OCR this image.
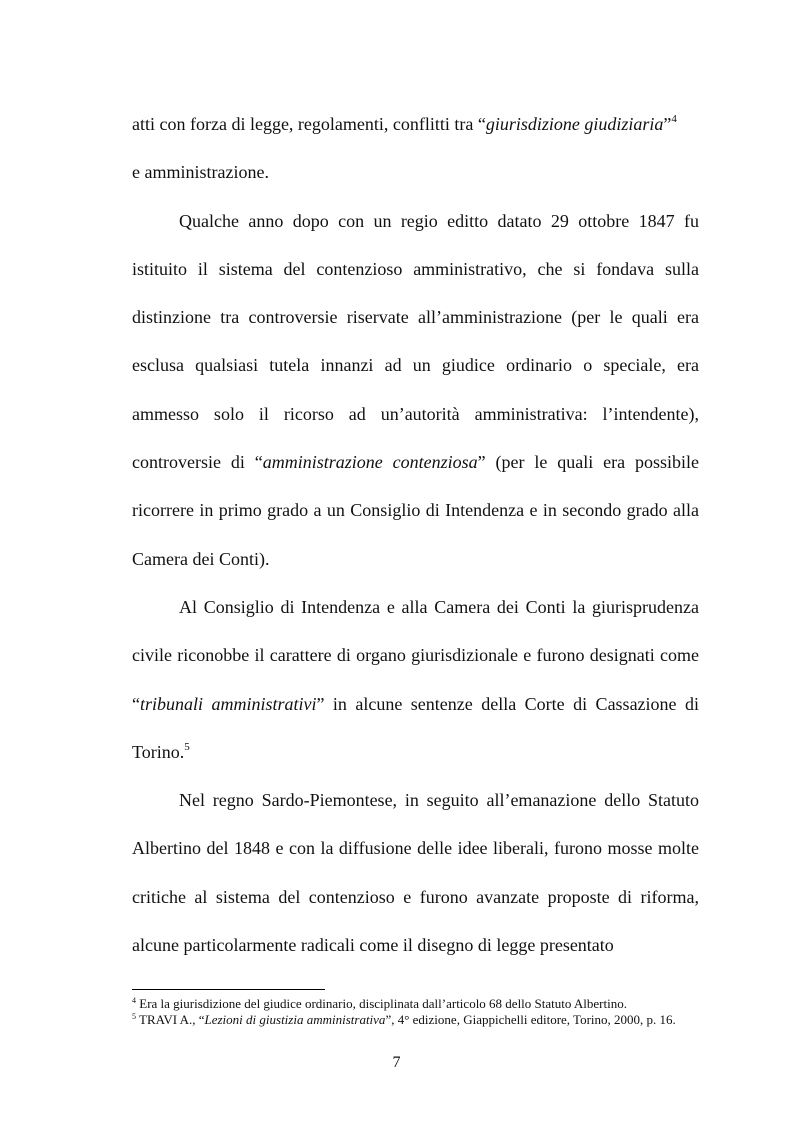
atti con forza di legge, regolamenti, conflitti tra “giurisdizione giudiziaria”$^4$
e amministrazione.

Qualche anno dopo con un regio editto datato 29 ottobre 1847 fu istituito il sistema del contenzioso amministrativo, che si fondava sulla distinzione tra controversie riservate all’amministrazione (per le quali era esclusa qualsiasi tutela innanzi ad un giudice ordinario o speciale, era ammesso solo il ricorso ad un’autorità amministrativa: l’intendente), controversie di “amministrazione contenziosa” (per le quali era possibile ricorrere in primo grado a un Consiglio di Intendenza e in secondo grado alla Camera dei Conti).

Al Consiglio di Intendenza e alla Camera dei Conti la giurisprudenza civile riconobbe il carattere di organo giurisdizionale e furono designati come “tribunali amministrativi” in alcune sentenze della Corte di Cassazione di Torino.$^5$

Nel regno Sardo-Piemontese, in seguito all’emanazione dello Statuto Albertino del 1848 e con la diffusione delle idee liberali, furono mosse molte critiche al sistema del contenzioso e furono avanzate proposte di riforma, alcune particolarmente radicali come il disegno di legge presentato

$^4$ Era la giurisdizione del giudice ordinario, disciplinata dall’articolo 68 dello Statuto Albertino.

$^5$ TRAVI A., “Lezioni di giustizia amministrativa”, 4° edizione, Giappichelli editore, Torino, 2000, p. 16.

7
